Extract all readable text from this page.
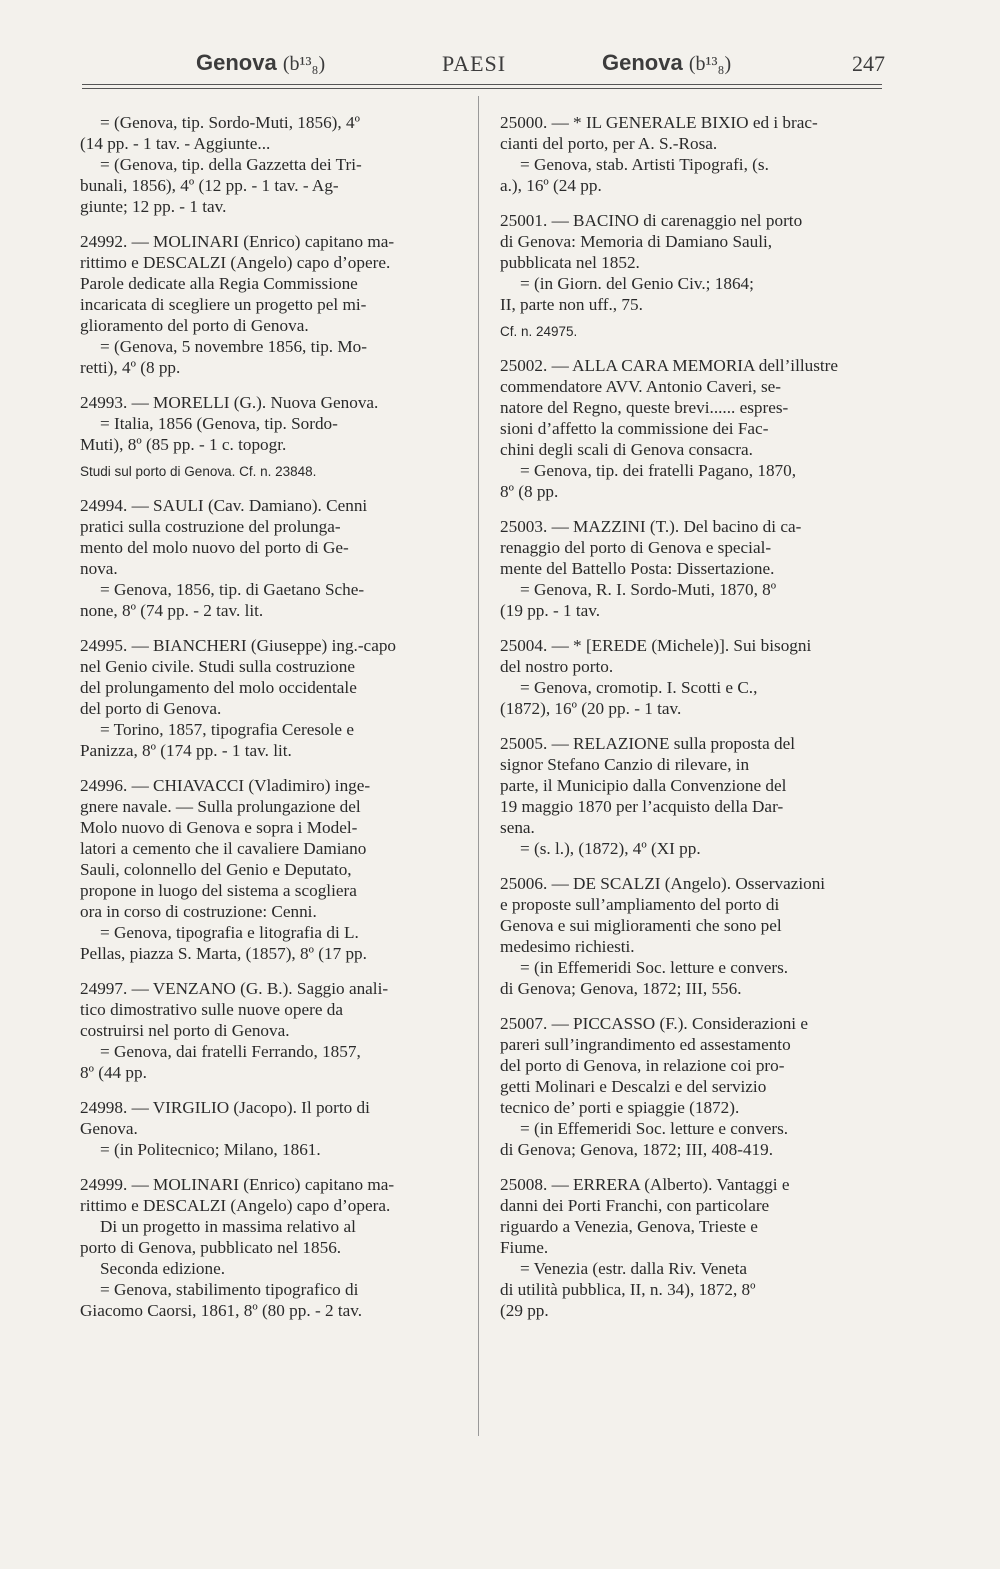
Genova (b¹³₈)	PAESI	Genova (b¹³₈)	247
= (Genova, tip. Sordo-Muti, 1856), 4º
(14 pp. - 1 tav. - Aggiunte...
= (Genova, tip. della Gazzetta dei Tri-
bunali, 1856), 4º (12 pp. - 1 tav. - Ag-
giunte; 12 pp. - 1 tav.
24992. — MOLINARI (Enrico) capitano ma-
rittimo e DESCALZI (Angelo) capo d’opere.
Parole dedicate alla Regia Commissione
incaricata di scegliere un progetto pel mi-
glioramento del porto di Genova.
= (Genova, 5 novembre 1856, tip. Mo-
retti), 4º (8 pp.
24993. — MORELLI (G.). Nuova Genova.
= Italia, 1856 (Genova, tip. Sordo-
Muti), 8º (85 pp. - 1 c. topogr.
Studi sul porto di Genova. Cf. n. 23848.
24994. — SAULI (Cav. Damiano). Cenni
pratici sulla costruzione del prolunga-
mento del molo nuovo del porto di Ge-
nova.
= Genova, 1856, tip. di Gaetano Sche-
none, 8º (74 pp. - 2 tav. lit.
24995. — BIANCHERI (Giuseppe) ing.-capo
nel Genio civile. Studi sulla costruzione
del prolungamento del molo occidentale
del porto di Genova.
= Torino, 1857, tipografia Ceresole e
Panizza, 8º (174 pp. - 1 tav. lit.
24996. — CHIAVACCI (Vladimiro) inge-
gnere navale. — Sulla prolungazione del
Molo nuovo di Genova e sopra i Model-
latori a cemento che il cavaliere Damiano
Sauli, colonnello del Genio e Deputato,
propone in luogo del sistema a scogliera
ora in corso di costruzione: Cenni.
= Genova, tipografia e litografia di L.
Pellas, piazza S. Marta, (1857), 8º (17 pp.
24997. — VENZANO (G. B.). Saggio anali-
tico dimostrativo sulle nuove opere da
costruirsi nel porto di Genova.
= Genova, dai fratelli Ferrando, 1857,
8º (44 pp.
24998. — VIRGILIO (Jacopo). Il porto di
Genova.
= (in Politecnico; Milano, 1861.
24999. — MOLINARI (Enrico) capitano ma-
rittimo e DESCALZI (Angelo) capo d’opera.
Di un progetto in massima relativo al
porto di Genova, pubblicato nel 1856.
Seconda edizione.
= Genova, stabilimento tipografico di
Giacomo Caorsi, 1861, 8º (80 pp. - 2 tav.
25000. — * IL GENERALE BIXIO ed i brac-
cianti del porto, per A. S.-Rosa.
= Genova, stab. Artisti Tipografi, (s.
a.), 16º (24 pp.
25001. — BACINO di carenaggio nel porto
di Genova: Memoria di Damiano Sauli,
pubblicata nel 1852.
= (in Giorn. del Genio Civ.; 1864;
II, parte non uff., 75.
Cf. n. 24975.
25002. — ALLA CARA MEMORIA dell’illustre
commendatore AVV. Antonio Caveri, se-
natore del Regno, queste brevi...... espres-
sioni d’affetto la commissione dei Fac-
chini degli scali di Genova consacra.
= Genova, tip. dei fratelli Pagano, 1870,
8º (8 pp.
25003. — MAZZINI (T.). Del bacino di ca-
renaggio del porto di Genova e special-
mente del Battello Posta: Dissertazione.
= Genova, R. I. Sordo-Muti, 1870, 8º
(19 pp. - 1 tav.
25004. — * [EREDE (Michele)]. Sui bisogni
del nostro porto.
= Genova, cromotip. I. Scotti e C.,
(1872), 16º (20 pp. - 1 tav.
25005. — RELAZIONE sulla proposta del
signor Stefano Canzio di rilevare, in
parte, il Municipio dalla Convenzione del
19 maggio 1870 per l’acquisto della Dar-
sena.
= (s. l.), (1872), 4º (XI pp.
25006. — DE SCALZI (Angelo). Osservazioni
e proposte sull’ampliamento del porto di
Genova e sui miglioramenti che sono pel
medesimo richiesti.
= (in Effemeridi Soc. letture e convers.
di Genova; Genova, 1872; III, 556.
25007. — PICCASSO (F.). Considerazioni e
pareri sull’ingrandimento ed assestamento
del porto di Genova, in relazione coi pro-
getti Molinari e Descalzi e del servizio
tecnico de’ porti e spiaggie (1872).
= (in Effemeridi Soc. letture e convers.
di Genova; Genova, 1872; III, 408-419.
25008. — ERRERA (Alberto). Vantaggi e
danni dei Porti Franchi, con particolare
riguardo a Venezia, Genova, Trieste e
Fiume.
= Venezia (estr. dalla Riv. Veneta
di utilità pubblica, II, n. 34), 1872, 8º
(29 pp.
